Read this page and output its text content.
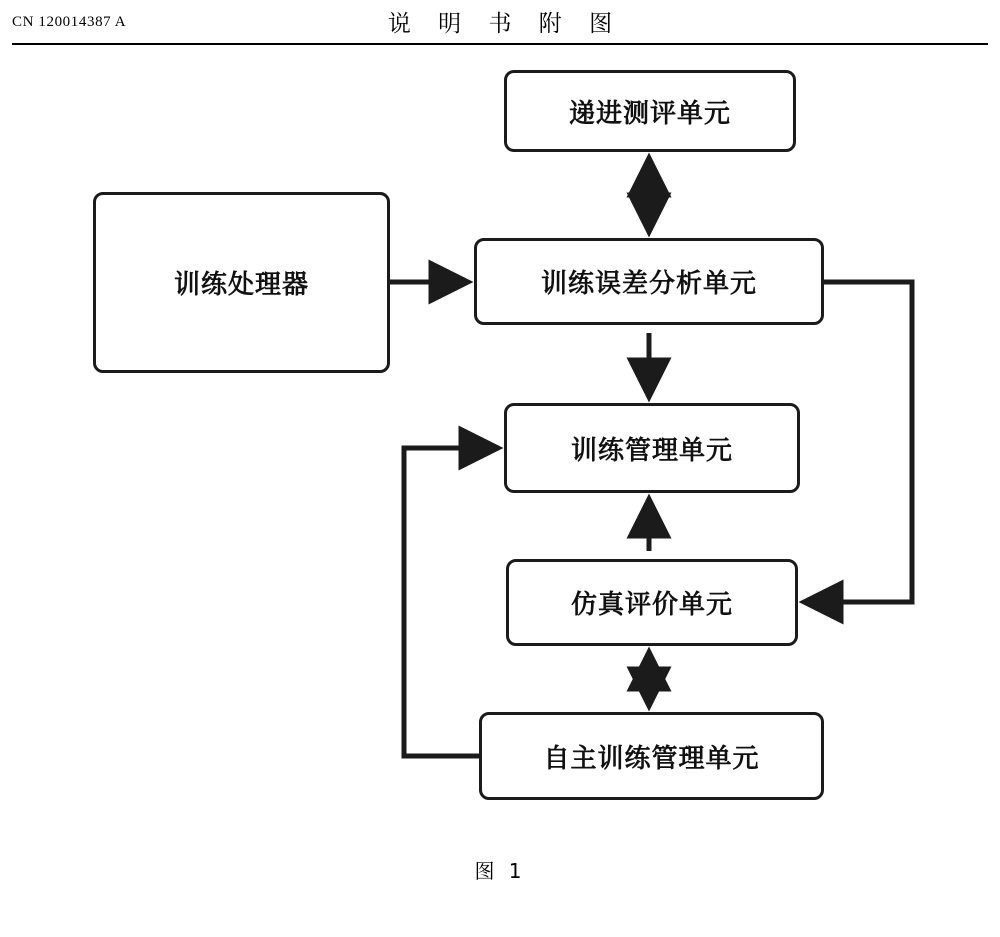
CN 120014387 A	说 明 书 附 图
递进测评单元
训练处理器	训练误差分析单元
训练管理单元
仿真评价单元
自主训练管理单元
图 1
